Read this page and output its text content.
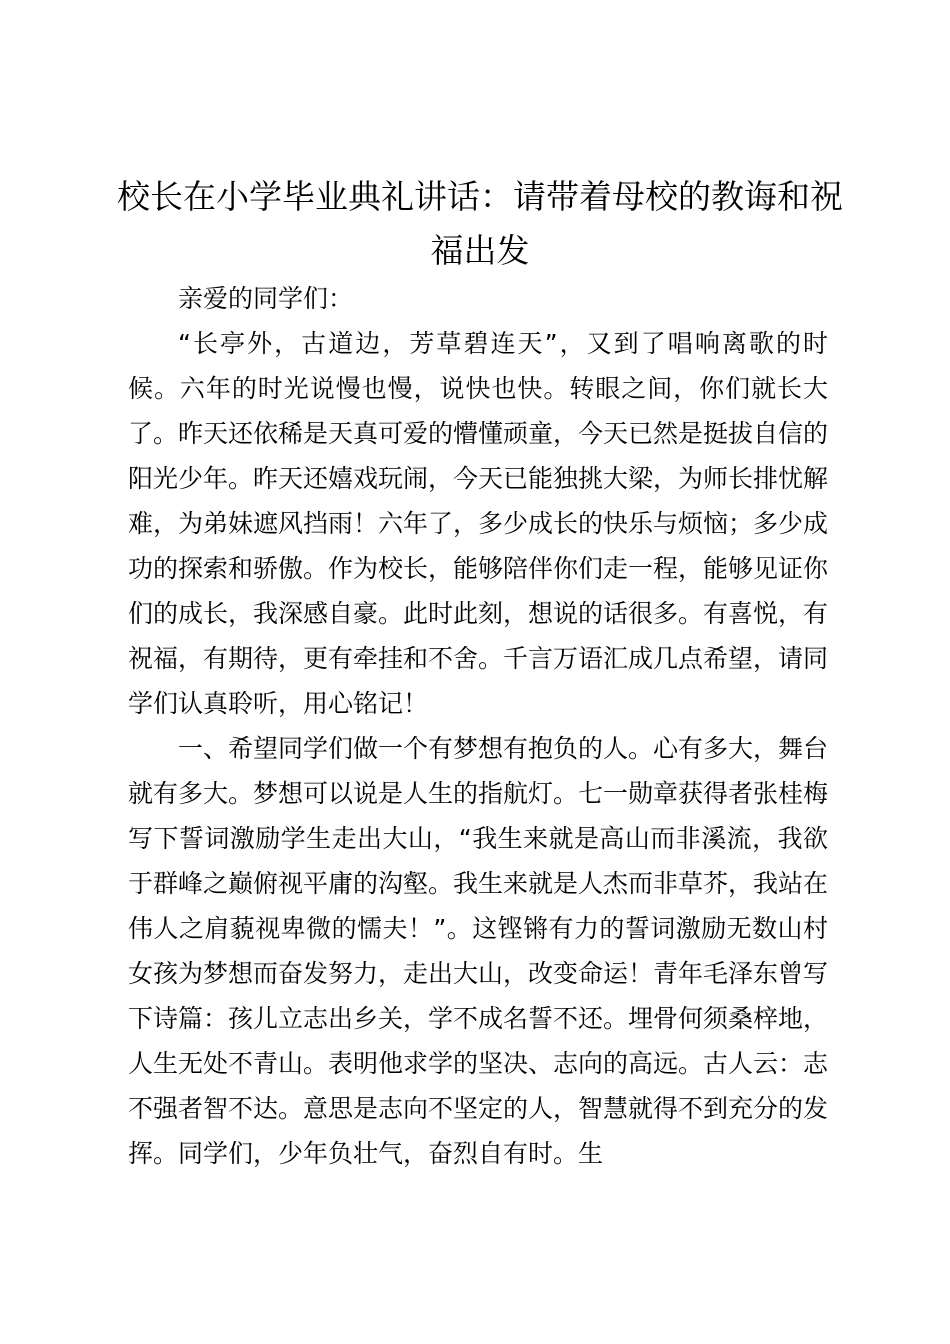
校长在小学毕业典礼讲话：请带着母校的教诲和祝福出发

亲爱的同学们：

“长亭外，古道边，芳草碧连天”，又到了唱响离歌的时候。六年的时光说慢也慢，说快也快。转眼之间，你们就长大了。昨天还依稀是天真可爱的懵懂顽童，今天已然是挺拔自信的阳光少年。昨天还嬉戏玩闹，今天已能独挑大梁，为师长排忧解难，为弟妹遮风挡雨！六年了，多少成长的快乐与烦恼；多少成功的探索和骄傲。作为校长，能够陪伴你们走一程，能够见证你们的成长，我深感自豪。此时此刻，想说的话很多。有喜悦，有祝福，有期待，更有牵挂和不舍。千言万语汇成几点希望，请同学们认真聆听，用心铭记！

一、希望同学们做一个有梦想有抱负的人。心有多大，舞台就有多大。梦想可以说是人生的指航灯。七一勋章获得者张桂梅写下誓词激励学生走出大山，“我生来就是高山而非溪流，我欲于群峰之巅俯视平庸的沟壑。我生来就是人杰而非草芥，我站在伟人之肩藐视卑微的懦夫！”。这铿锵有力的誓词激励无数山村女孩为梦想而奋发努力，走出大山，改变命运！青年毛泽东曾写下诗篇：孩儿立志出乡关，学不成名誓不还。埋骨何须桑梓地，人生无处不青山。表明他求学的坚决、志向的高远。古人云：志不强者智不达。意思是志向不坚定的人，智慧就得不到充分的发挥。同学们，少年负壮气，奋烈自有时。生
